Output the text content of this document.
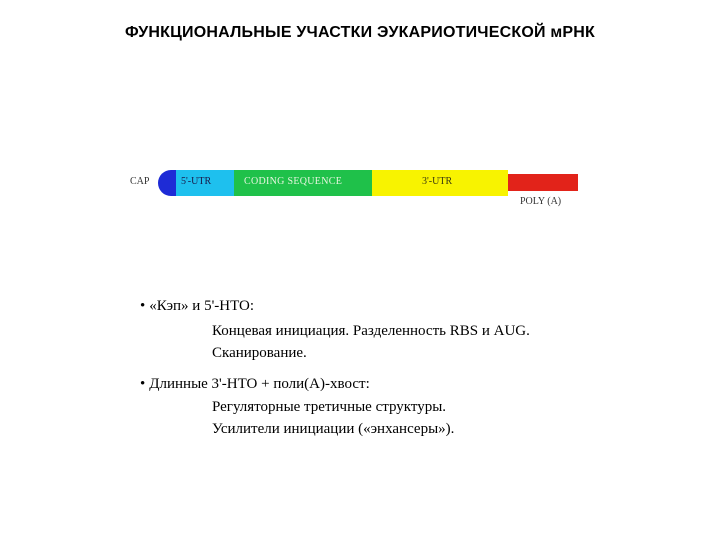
ФУНКЦИОНАЛЬНЫЕ УЧАСТКИ ЭУКАРИОТИЧЕСКОЙ мРНК
CAP	5'-UTR	CODING SEQUENCE	3'-UTR
POLY (A)
• «Кэп» и 5'-НТО:
Концевая инициация. Разделенность RBS и AUG.
Сканирование.
• Длинные 3'-НТО + поли(А)-хвост:
Регуляторные третичные структуры.
Усилители инициации («энхансеры»).
